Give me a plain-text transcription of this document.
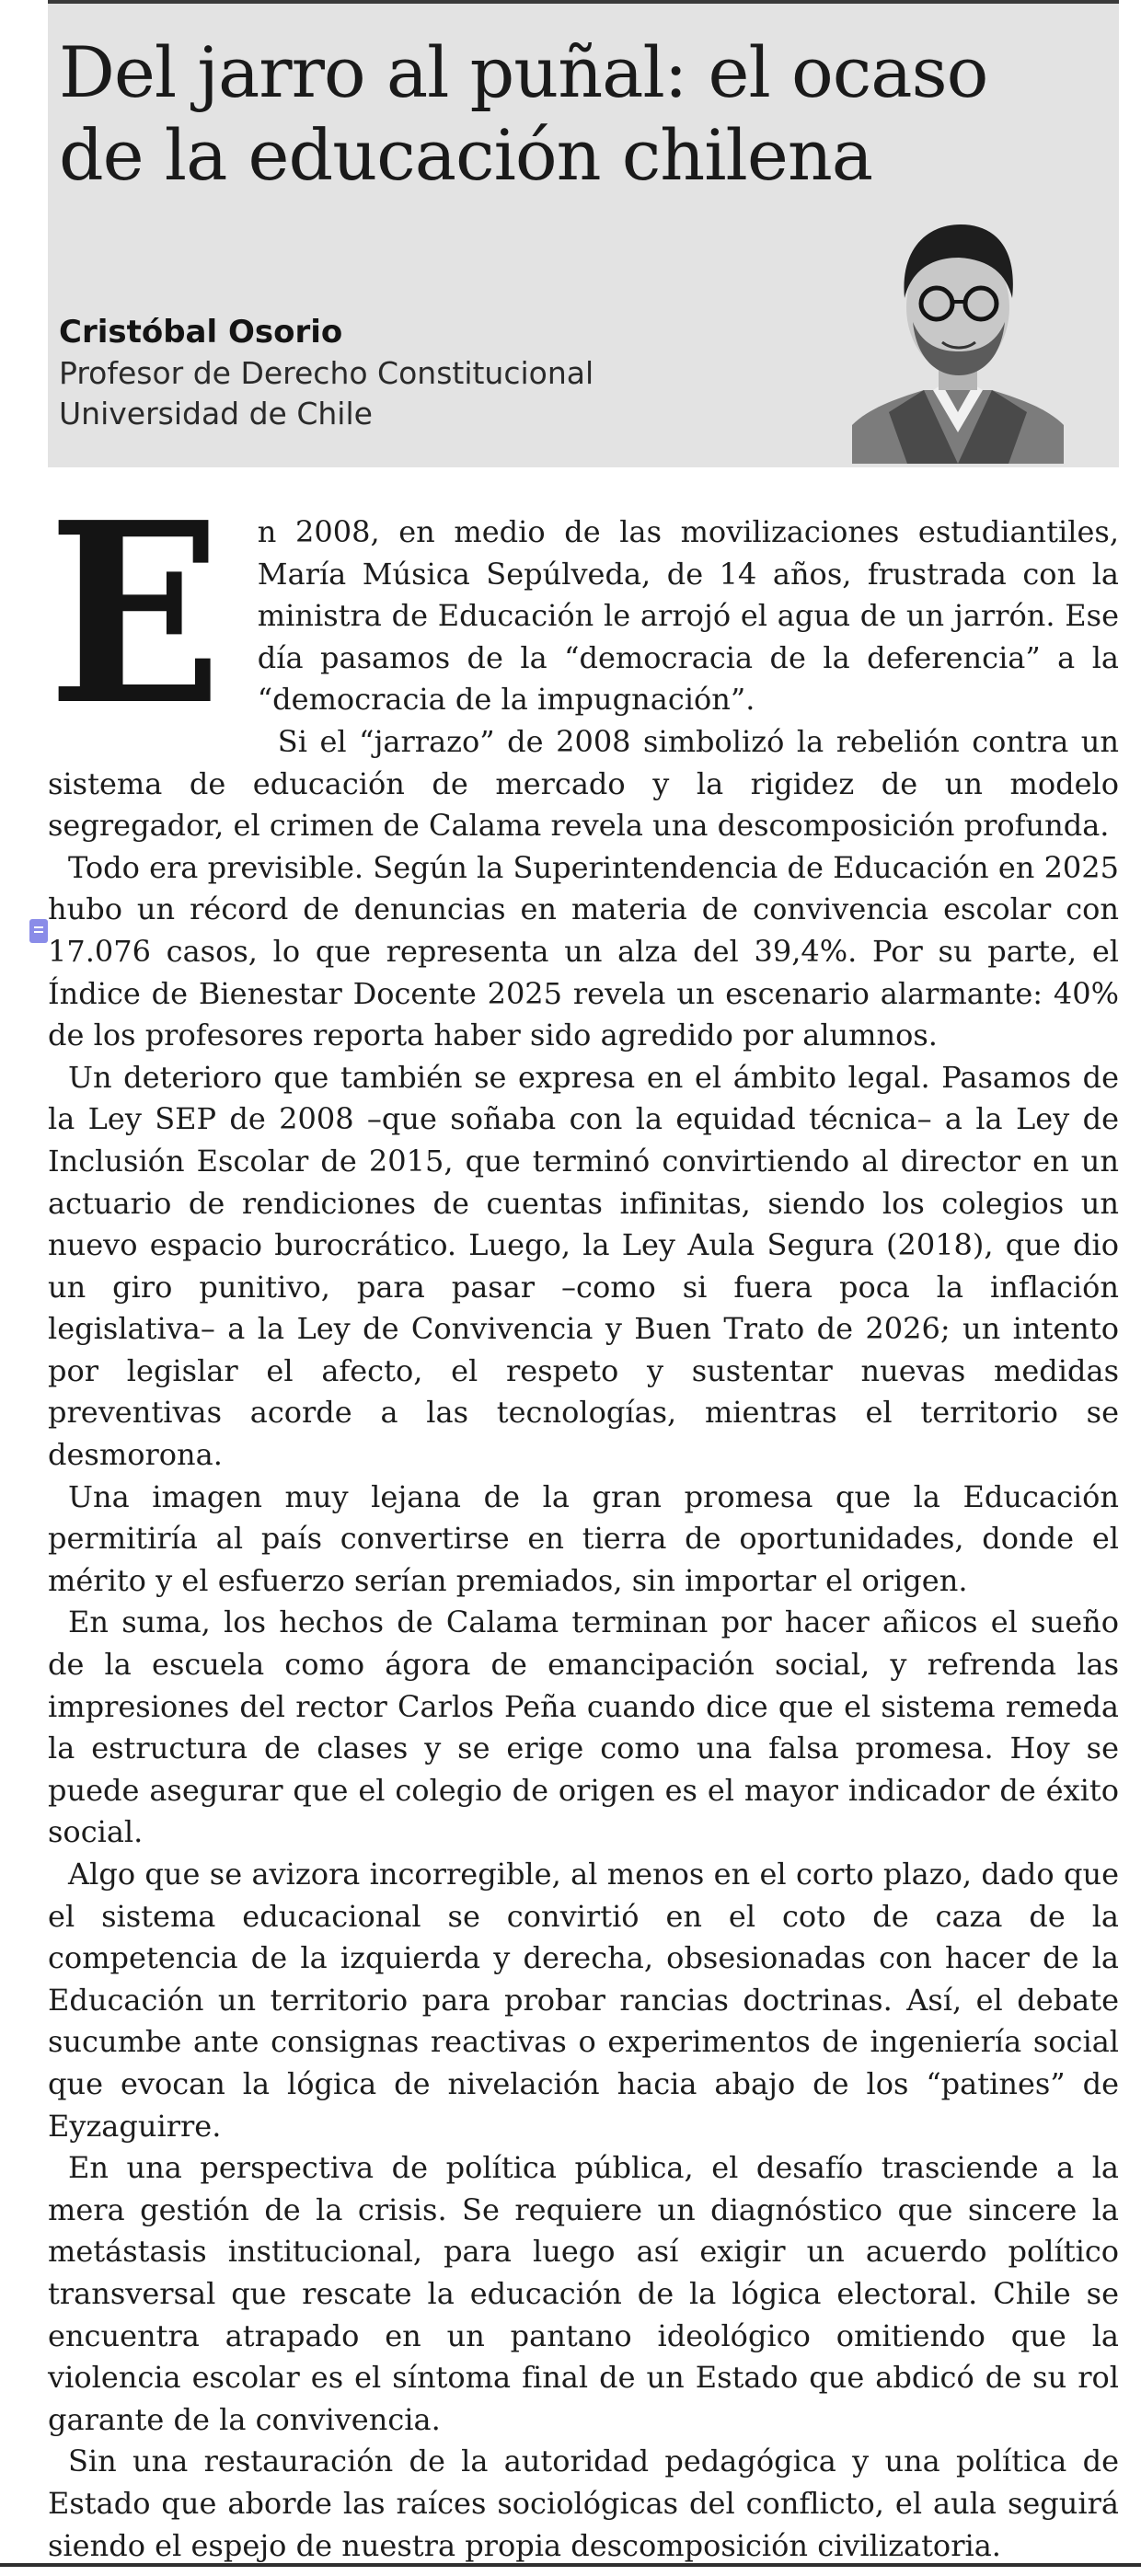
Del jarro al puñal: el ocaso de la educación chilena
Cristóbal Osorio
Profesor de Derecho Constitucional
Universidad de Chile

E n 2008, en medio de las movilizaciones estudiantiles, María Música Sepúlveda, de 14 años, frustrada con la ministra de Educación le arrojó el agua de un jarrón. Ese día pasamos de la “democracia de la deferencia” a la “democracia de la impugnación”.

Si el “jarrazo” de 2008 simbolizó la rebelión contra un sistema de educación de mercado y la rigidez de un modelo segregador, el crimen de Calama revela una descomposición profunda.

Todo era previsible. Según la Superintendencia de Educación en 2025 hubo un récord de denuncias en materia de convivencia escolar con 17.076 casos, lo que representa un alza del 39,4%. Por su parte, el Índice de Bienestar Docente 2025 revela un escenario alarmante: 40% de los profesores reporta haber sido agredido por alumnos.

Un deterioro que también se expresa en el ámbito legal. Pasamos de la Ley SEP de 2008 –que soñaba con la equidad técnica– a la Ley de Inclusión Escolar de 2015, que terminó convirtiendo al director en un actuario de rendiciones de cuentas infinitas, siendo los colegios un nuevo espacio burocrático. Luego, la Ley Aula Segura (2018), que dio un giro punitivo, para pasar –como si fuera poca la inflación legislativa– a la Ley de Convivencia y Buen Trato de 2026; un intento por legislar el afecto, el respeto y sustentar nuevas medidas preventivas acorde a las tecnologías, mientras el territorio se desmorona.

Una imagen muy lejana de la gran promesa que la Educación permitiría al país convertirse en tierra de oportunidades, donde el mérito y el esfuerzo serían premiados, sin importar el origen.

En suma, los hechos de Calama terminan por hacer añicos el sueño de la escuela como ágora de emancipación social, y refrenda las impresiones del rector Carlos Peña cuando dice que el sistema remeda la estructura de clases y se erige como una falsa promesa. Hoy se puede asegurar que el colegio de origen es el mayor indicador de éxito social.

Algo que se avizora incorregible, al menos en el corto plazo, dado que el sistema educacional se convirtió en el coto de caza de la competencia de la izquierda y derecha, obsesionadas con hacer de la Educación un territorio para probar rancias doctrinas. Así, el debate sucumbe ante consignas reactivas o experimentos de ingeniería social que evocan la lógica de nivelación hacia abajo de los “patines” de Eyzaguirre.

En una perspectiva de política pública, el desafío trasciende a la mera gestión de la crisis. Se requiere un diagnóstico que sincere la metástasis institucional, para luego así exigir un acuerdo político transversal que rescate la educación de la lógica electoral. Chile se encuentra atrapado en un pantano ideológico omitiendo que la violencia escolar es el síntoma final de un Estado que abdicó de su rol garante de la convivencia.

Sin una restauración de la autoridad pedagógica y una política de Estado que aborde las raíces sociológicas del conflicto, el aula seguirá siendo el espejo de nuestra propia descomposición civilizatoria.
